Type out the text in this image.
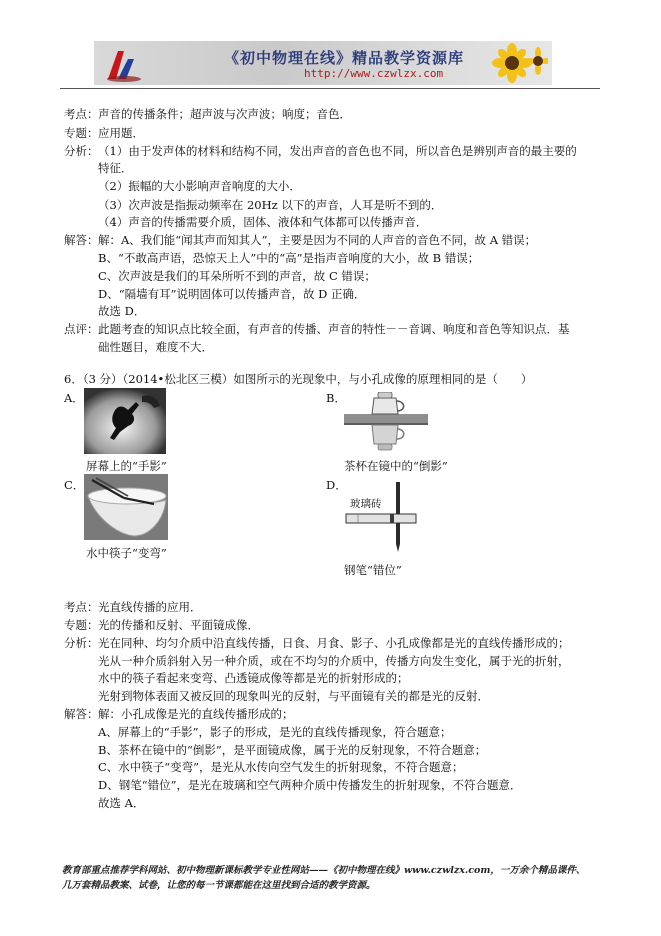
《初中物理在线》精品教学资源库
http://www.czwlzx.com
考点：声音的传播条件；超声波与次声波；响度；音色．
专题：应用题．
分析：（1）由于发声体的材料和结构不同，发出声音的音色也不同，所以音色是辨别声音的最主要的
特征．
（2）振幅的大小影响声音响度的大小．
（3）次声波是指振动频率在 20Hz 以下的声音，人耳是听不到的．
（4）声音的传播需要介质，固体、液体和气体都可以传播声音．
解答：解：A、我们能“闻其声而知其人”，主要是因为不同的人声音的音色不同，故 A 错误；
B、“不敢高声语，恐惊天上人”中的“高”是指声音响度的大小，故 B 错误；
C、次声波是我们的耳朵所听不到的声音，故 C 错误；
D、“隔墙有耳”说明固体可以传播声音，故 D 正确．
故选 D．
点评：此题考查的知识点比较全面，有声音的传播、声音的特性－－音调、响度和音色等知识点．基
础性题目，难度不大．
6．（3 分）（2014•松北区三模）如图所示的光现象中，与小孔成像的原理相同的是（　　）
A．
屏幕上的“手影”
B．
茶杯在镜中的“倒影”
C．
水中筷子“变弯”
D．
玻璃砖
钢笔“错位”
考点：光直线传播的应用．
专题：光的传播和反射、平面镜成像．
分析：光在同种、均匀介质中沿直线传播，日食、月食、影子、小孔成像都是光的直线传播形成的；
光从一种介质斜射入另一种介质，或在不均匀的介质中，传播方向发生变化，属于光的折射，
水中的筷子看起来变弯、凸透镜成像等都是光的折射形成的；
光射到物体表面又被反回的现象叫光的反射，与平面镜有关的都是光的反射．
解答：解：小孔成像是光的直线传播形成的；
A、屏幕上的“手影”，影子的形成，是光的直线传播现象，符合题意；
B、茶杯在镜中的“倒影”，是平面镜成像，属于光的反射现象，不符合题意；
C、水中筷子“变弯”，是光从水传向空气发生的折射现象，不符合题意；
D、钢笔“错位”，是光在玻璃和空气两种介质中传播发生的折射现象，不符合题意．
故选 A．
教育部重点推荐学科网站、初中物理新课标教学专业性网站——《初中物理在线》www.czwlzx.com，一万余个精品课件、
几万套精品教案、试卷，让您的每一节课都能在这里找到合适的教学资源。
